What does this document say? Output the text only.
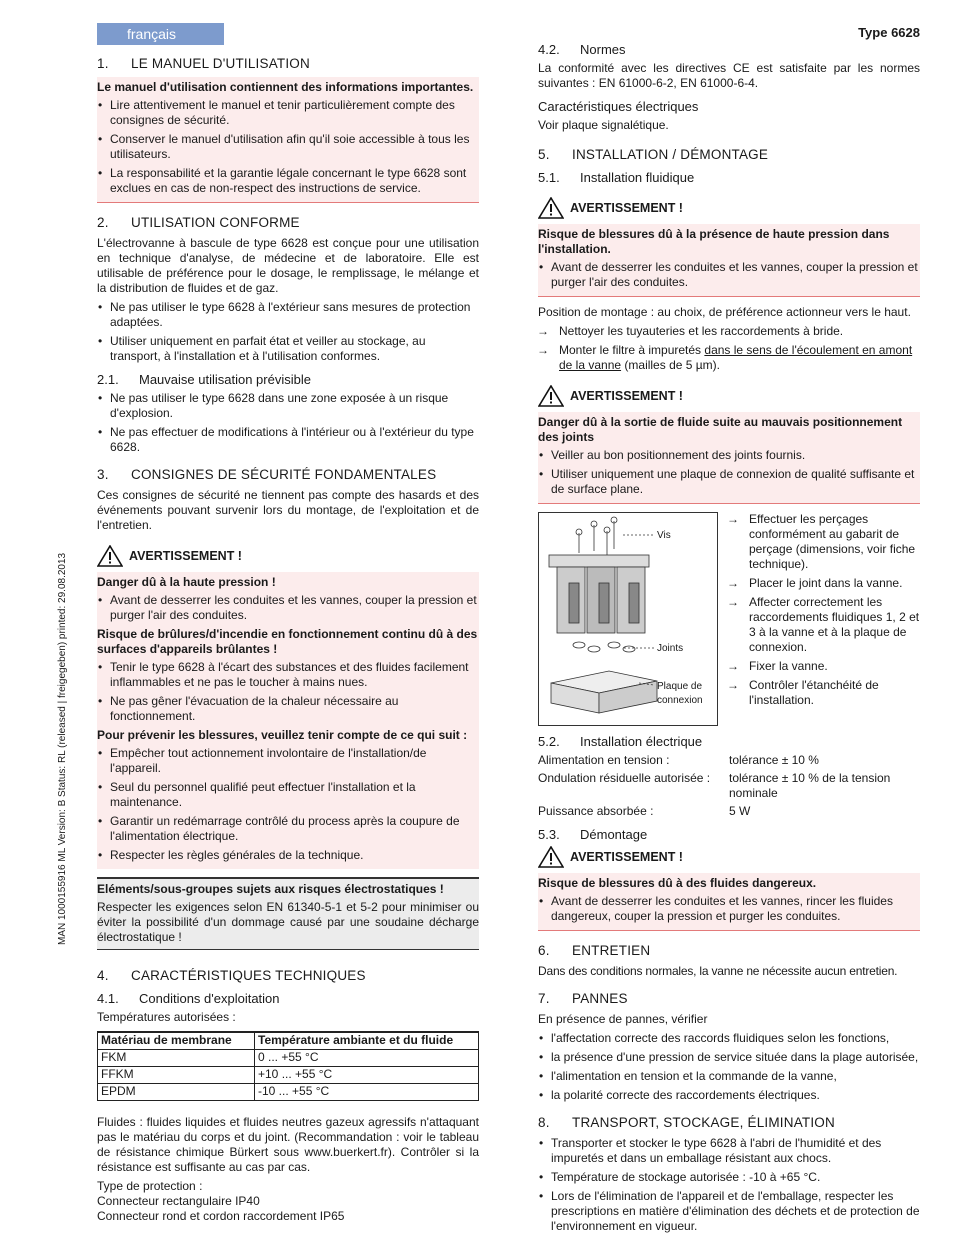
français	Type 6628
MAN 1000155916 ML Version: B Status: RL (released | freigegeben) printed: 29.08.2013
1. LE MANUEL D'UTILISATION
Le manuel d'utilisation contiennent des informations importantes.
• Lire attentivement le manuel et tenir particulièrement compte des consignes de sécurité.
• Conserver le manuel d'utilisation afin qu'il soie accessible à tous les utilisateurs.
• La responsabilité et la garantie légale concernant le type 6628 sont exclues en cas de non-respect des instructions de service.
2. UTILISATION CONFORME

L'électrovanne à bascule de type 6628 est conçue pour une utilisation en technique d'analyse, de médecine et de laboratoire. Elle est utilisable de préférence pour le dosage, le remplissage, le mélange et la distribution de fluides et de gaz.

• Ne pas utiliser le type 6628 à l'extérieur sans mesures de protection adaptées.
• Utiliser uniquement en parfait état et veiller au stockage, au transport, à l'installation et à l'utilisation conformes.
2.1. Mauvaise utilisation prévisible
• Ne pas utiliser le type 6628 dans une zone exposée à un risque d'explosion.
• Ne pas effectuer de modifications à l'intérieur ou à l'extérieur du type 6628.
3. CONSIGNES DE SÉCURITÉ FONDAMENTALES

Ces consignes de sécurité ne tiennent pas compte des hasards et des événements pouvant survenir lors du montage, de l'exploitation et de l'entretien.

AVERTISSEMENT !
Danger dû à la haute pression !
• Avant de desserrer les conduites et les vannes, couper la pression et purger l'air des conduites.
Risque de brûlures/d'incendie en fonctionnement continu dû à des surfaces d'appareils brûlantes !
• Tenir le type 6628 à l'écart des substances et des fluides facilement inflammables et ne pas le toucher à mains nues.
• Ne pas gêner l'évacuation de la chaleur nécessaire au fonctionnement.
Pour prévenir les blessures, veuillez tenir compte de ce qui suit :
• Empêcher tout actionnement involontaire de l'installation/de l'appareil.
• Seul du personnel qualifié peut effectuer l'installation et la maintenance.
• Garantir un redémarrage contrôlé du process après la coupure de l'alimentation électrique.
• Respecter les règles générales de la technique.
Eléments/sous-groupes sujets aux risques électrostatiques !

Respecter les exigences selon EN 61340-5-1 et 5-2 pour minimiser ou éviter la possibilité d'un dommage causé par une soudaine décharge électrostatique !

4. CARACTÉRISTIQUES TECHNIQUES
4.1. Conditions d'exploitation

Températures autorisées :

Matériau de membrane	Température ambiante et du fluide
FKM	0 ... +55 °C
FFKM	+10 ... +55 °C
EPDM	-10 ... +55 °C

Fluides : fluides liquides et fluides neutres gazeux agressifs n'attaquant pas le matériau du corps et du joint. (Recommandation : voir le tableau de résistance chimique Bürkert sous www.buerkert.fr). Contrôler si la résistance est suffisante au cas par cas.

Type de protection :
Connecteur rectangulaire IP40
Connecteur rond et cordon raccordement IP65
4.2. Normes

La conformité avec les directives CE est satisfaite par les normes suivantes : EN 61000-6-2, EN 61000-6-4.

Caractéristiques électriques

Voir plaque signalétique.

5. INSTALLATION / DÉMONTAGE
5.1. Installation fluidique
AVERTISSEMENT !
Risque de blessures dû à la présence de haute pression dans l'installation.
• Avant de desserrer les conduites et les vannes, couper la pression et purger l'air des conduites.

Position de montage : au choix, de préférence actionneur vers le haut.

→ Nettoyer les tuyauteries et les raccordements à bride.
→ Monter le filtre à impuretés dans le sens de l'écoulement en amont de la vanne (mailles de 5 µm).
AVERTISSEMENT !
Danger dû à la sortie de fluide suite au mauvais positionnement des joints
• Veiller au bon positionnement des joints fournis.
• Utiliser uniquement une plaque de connexion de qualité suffisante et de surface plane.
Vis
Joints
Plaque de connexion
→ Effectuer les perçages conformément au gabarit de perçage (dimensions, voir fiche technique).
→ Placer le joint dans la vanne.
→ Affecter correctement les raccordements fluidiques 1, 2 et 3 à la vanne et à la plaque de connexion.
→ Fixer la vanne.
→ Contrôler l'étanchéité de l'installation.
5.2. Installation électrique
Alimentation en tension :	tolérance ± 10 %
Ondulation résiduelle autorisée :	tolérance ± 10 % de la tension nominale
Puissance absorbée :	5 W
5.3. Démontage
AVERTISSEMENT !
Risque de blessures dû à des fluides dangereux.
• Avant de desserrer les conduites et les vannes, rincer les fluides dangereux, couper la pression et purger les conduites.
6. ENTRETIEN

Dans des conditions normales, la vanne ne nécessite aucun entretien.

7. PANNES

En présence de pannes, vérifier

• l'affectation correcte des raccords fluidiques selon les fonctions,
• la présence d'une pression de service située dans la plage autorisée,
• l'alimentation en tension et la commande de la vanne,
• la polarité correcte des raccordements électriques.
8. TRANSPORT, STOCKAGE, ÉLIMINATION
• Transporter et stocker le type 6628 à l'abri de l'humidité et des impuretés et dans un emballage résistant aux chocs.
• Température de stockage autorisée : -10 à +65 °C.
• Lors de l'élimination de l'appareil et de l'emballage, respecter les prescriptions en matière d'élimination des déchets et de protection de l'environnement en vigueur.
